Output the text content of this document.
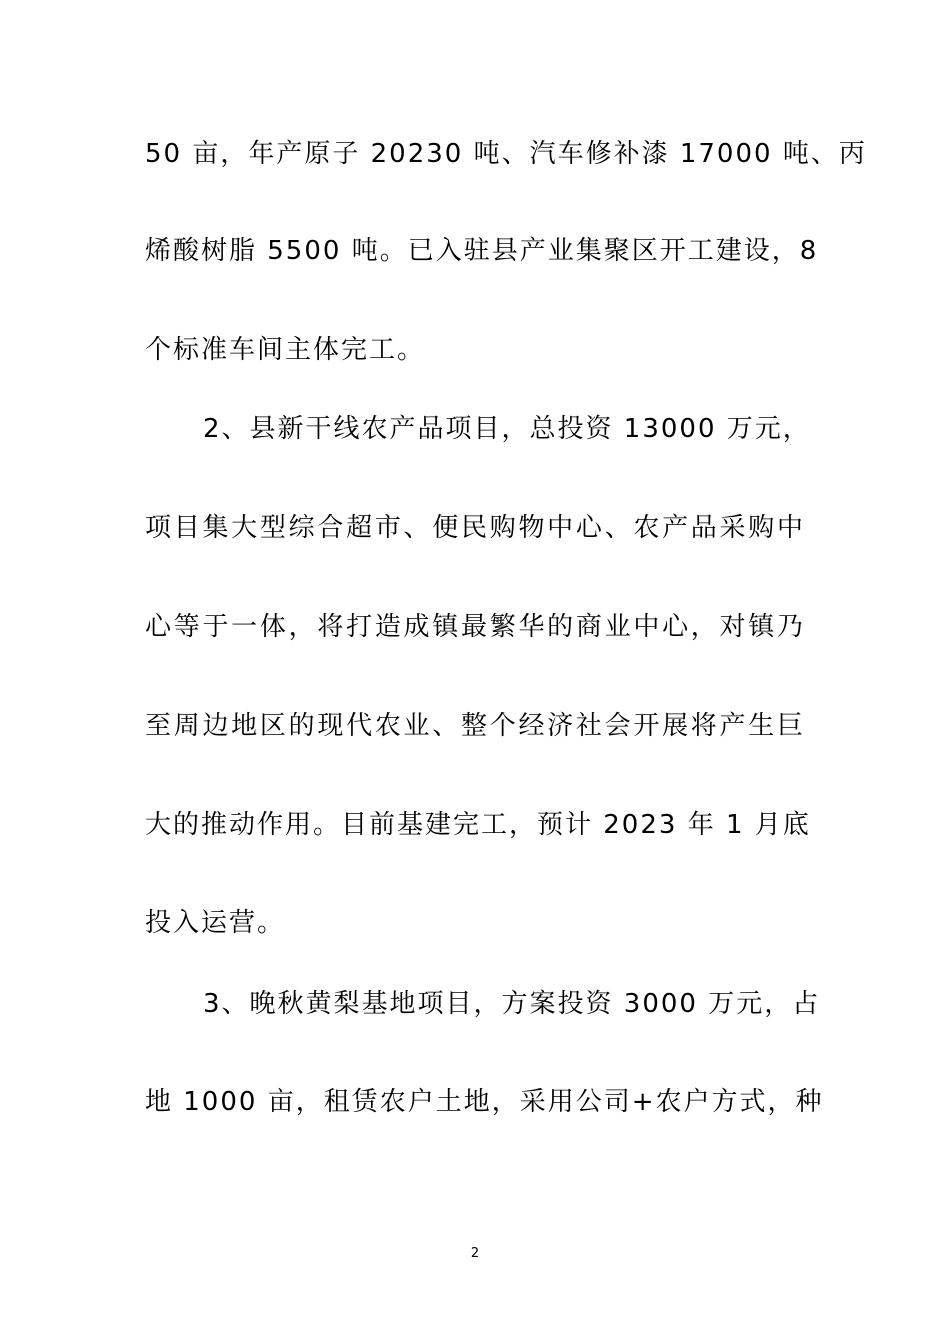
50 亩，年产原子 20230 吨、汽车修补漆 17000 吨、丙
烯酸树脂 5500 吨。已入驻县产业集聚区开工建设，8
个标准车间主体完工。
2、县新干线农产品项目，总投资 13000 万元，
项目集大型综合超市、便民购物中心、农产品采购中
心等于一体，将打造成镇最繁华的商业中心，对镇乃
至周边地区的现代农业、整个经济社会开展将产生巨
大的推动作用。目前基建完工，预计 2023 年 1 月底
投入运营。
3、晚秋黄梨基地项目，方案投资 3000 万元，占
地 1000 亩，租赁农户土地，采用公司+农户方式，种
2
